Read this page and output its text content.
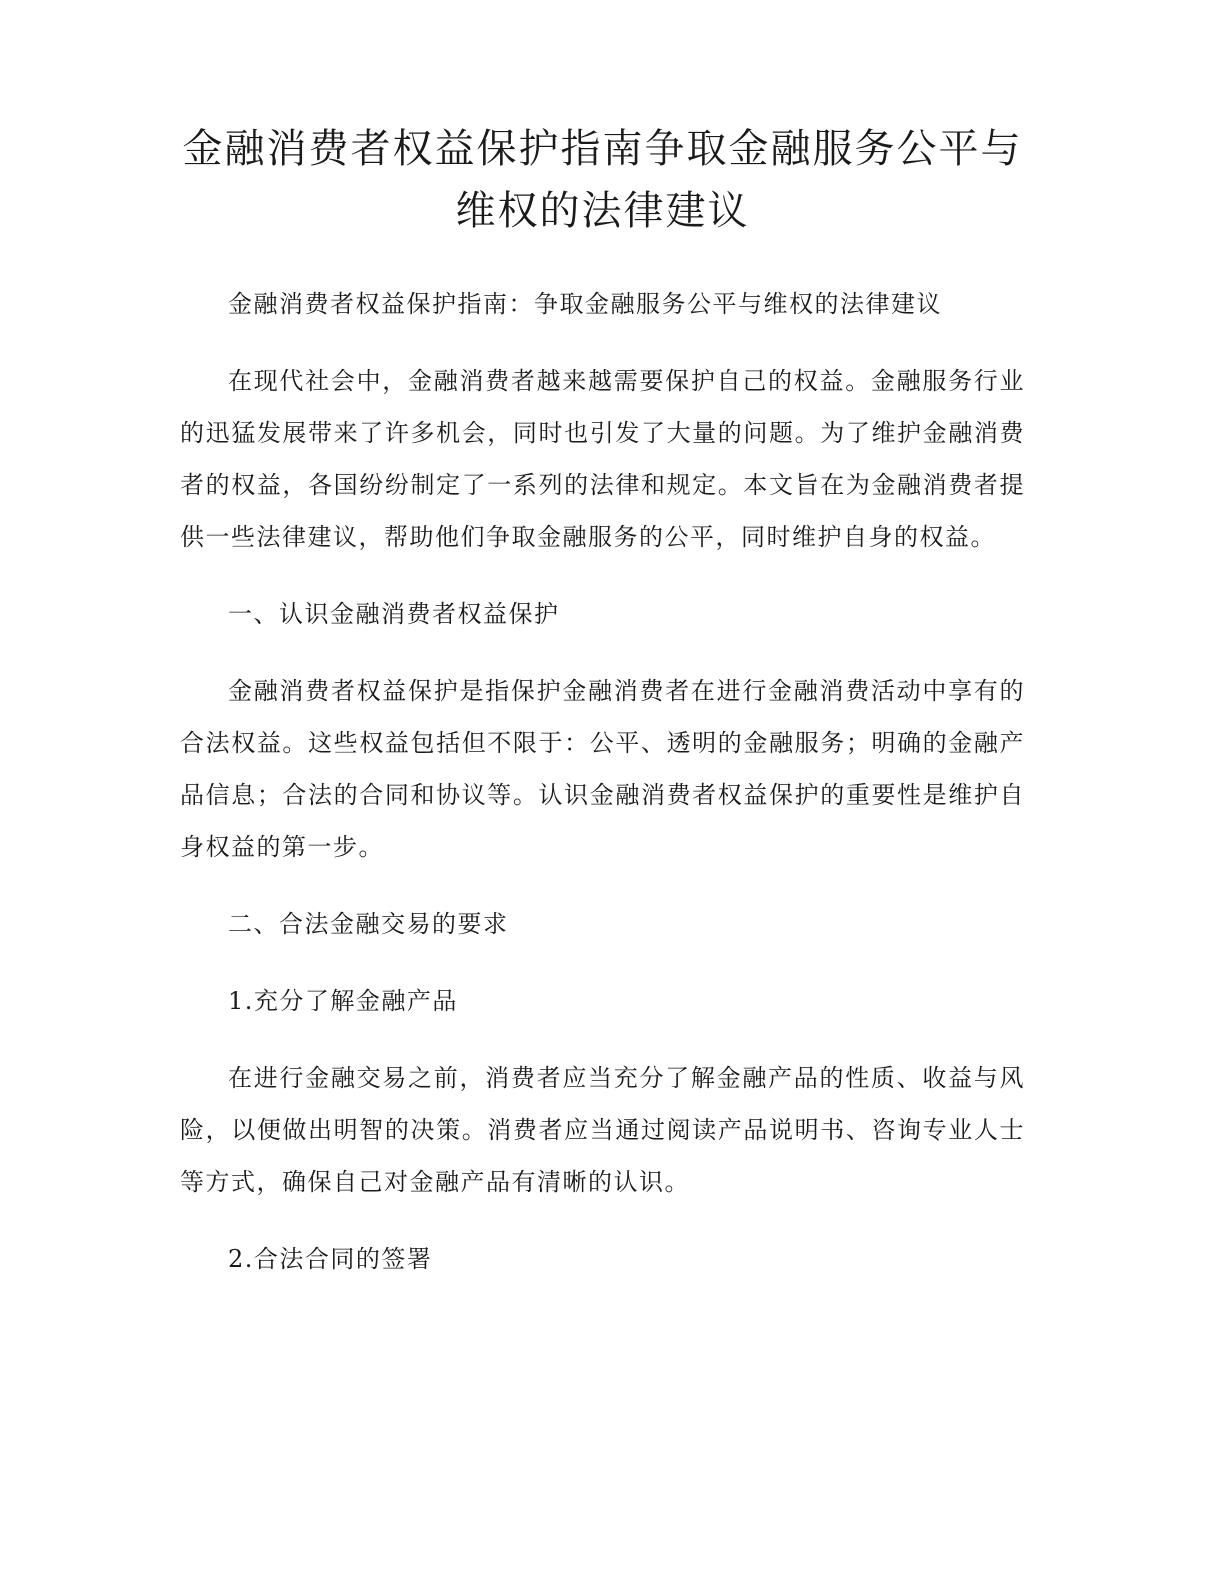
金融消费者权益保护指南争取金融服务公平与维权的法律建议

金融消费者权益保护指南：争取金融服务公平与维权的法律建议

在现代社会中，金融消费者越来越需要保护自己的权益。金融服务行业的迅猛发展带来了许多机会，同时也引发了大量的问题。为了维护金融消费者的权益，各国纷纷制定了一系列的法律和规定。本文旨在为金融消费者提供一些法律建议，帮助他们争取金融服务的公平，同时维护自身的权益。

一、认识金融消费者权益保护

金融消费者权益保护是指保护金融消费者在进行金融消费活动中享有的合法权益。这些权益包括但不限于：公平、透明的金融服务；明确的金融产品信息；合法的合同和协议等。认识金融消费者权益保护的重要性是维护自身权益的第一步。

二、合法金融交易的要求

1.充分了解金融产品

在进行金融交易之前，消费者应当充分了解金融产品的性质、收益与风险，以便做出明智的决策。消费者应当通过阅读产品说明书、咨询专业人士等方式，确保自己对金融产品有清晰的认识。

2.合法合同的签署
